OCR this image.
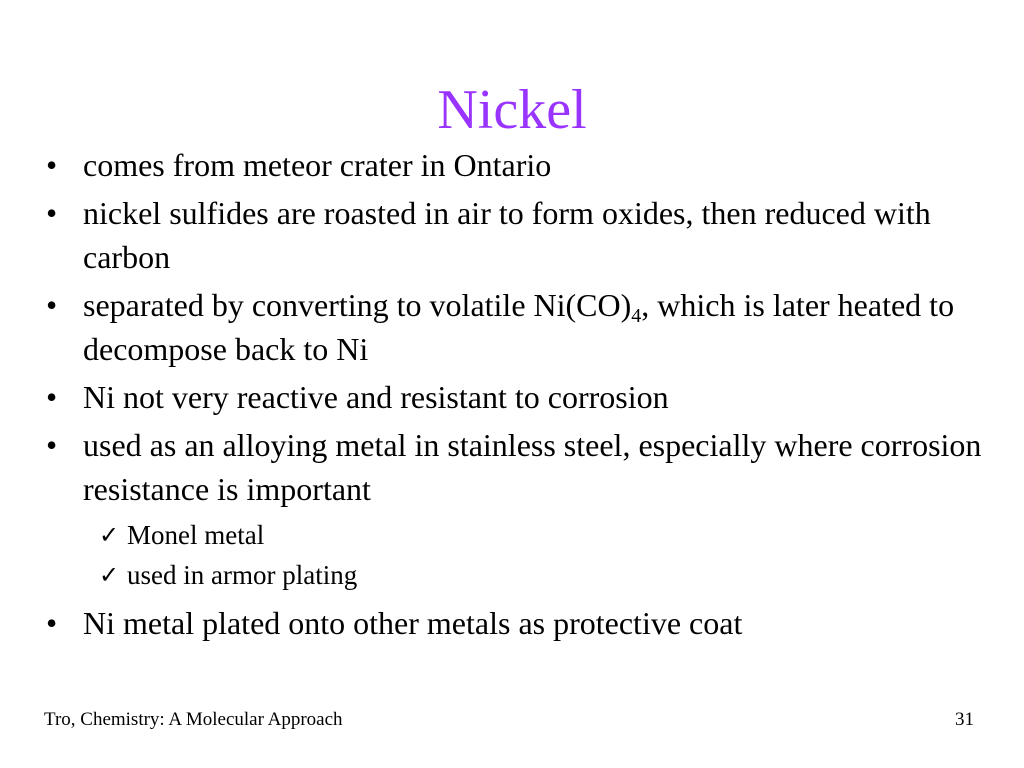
Nickel
• comes from meteor crater in Ontario
• nickel sulfides are roasted in air to form oxides, then reduced with carbon
• separated by converting to volatile $Ni(CO)_4$, which is later heated to decompose back to Ni
• Ni not very reactive and resistant to corrosion
• used as an alloying metal in stainless steel, especially where corrosion resistance is important
✓ Monel metal
✓ used in armor plating
• Ni metal plated onto other metals as protective coat
Tro, Chemistry: A Molecular Approach	31
